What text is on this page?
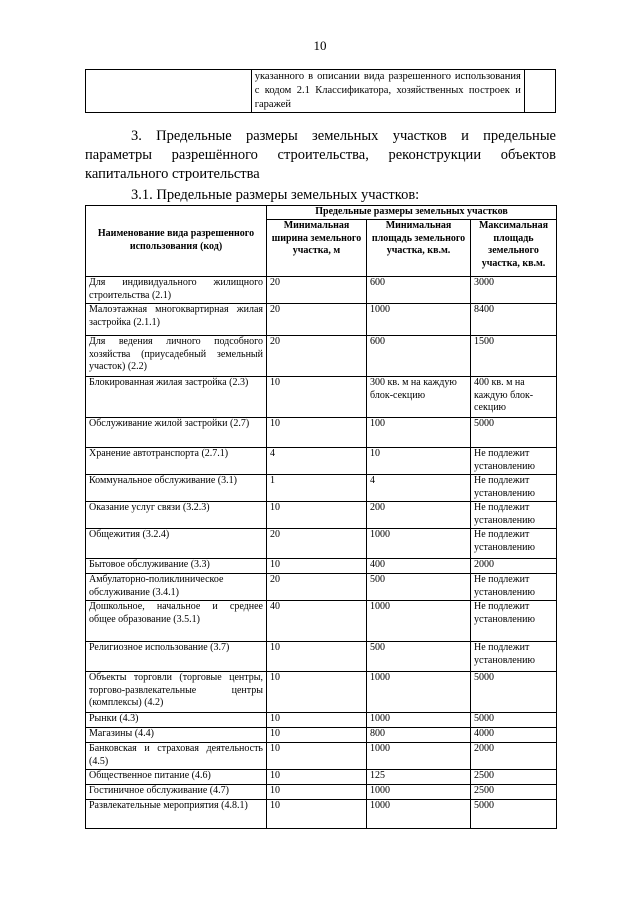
10
	указанного в описании вида разрешенного использования с кодом 2.1 Классификатора, хозяйственных построек и гаражей	
3. Предельные размеры земельных участков и предельные параметры разрешённого строительства, реконструкции объектов капитального строительства
3.1. Предельные размеры земельных участков:
Наименование вида разрешенного использования (код)	Предельные размеры земельных участков		
	Минимальная ширина земельного участка, м	Минимальная площадь земельного участка, кв.м.	Максимальная площадь земельного участка, кв.м.
Для индивидуального жилищного строительства (2.1)	20	600	3000
Малоэтажная многоквартирная жилая застройка (2.1.1)	20	1000	8400
Для ведения личного подсобного хозяйства (приусадебный земельный участок) (2.2)	20	600	1500
Блокированная жилая застройка (2.3)	10	300 кв. м на каждую блок-секцию	400 кв. м на каждую блок-секцию
Обслуживание жилой застройки (2.7)	10	100	5000
Хранение автотранспорта (2.7.1)	4	10	Не подлежит установлению
Коммунальное обслуживание (3.1)	1	4	Не подлежит установлению
Оказание услуг связи (3.2.3)	10	200	Не подлежит установлению
Общежития (3.2.4)	20	1000	Не подлежит установлению
Бытовое обслуживание (3.3)	10	400	2000
Амбулаторно-поликлиническое обслуживание (3.4.1)	20	500	Не подлежит установлению
Дошкольное, начальное и среднее общее образование (3.5.1)	40	1000	Не подлежит установлению
Религиозное использование (3.7)	10	500	Не подлежит установлению
Объекты торговли (торговые центры, торгово-развлекательные центры (комплексы) (4.2)	10	1000	5000
Рынки (4.3)	10	1000	5000
Магазины (4.4)	10	800	4000
Банковская и страховая деятельность (4.5)	10	1000	2000
Общественное питание (4.6)	10	125	2500
Гостиничное обслуживание (4.7)	10	1000	2500
Развлекательные мероприятия (4.8.1)	10	1000	5000
